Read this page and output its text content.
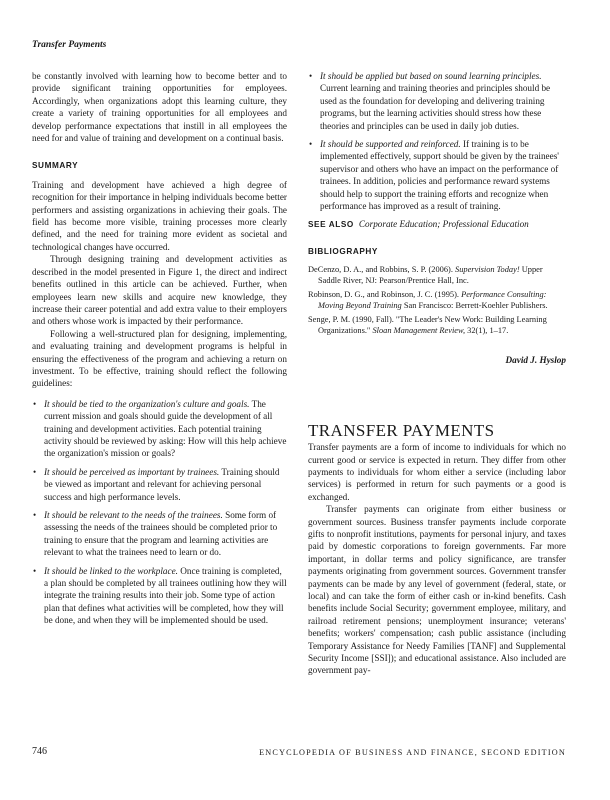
Transfer Payments

be constantly involved with learning how to become better and to provide significant training opportunities for employees. Accordingly, when organizations adopt this learning culture, they create a variety of training opportunities for all employees and develop performance expectations that instill in all employees the need for and value of training and development on a continual basis.

SUMMARY

Training and development have achieved a high degree of recognition for their importance in helping individuals become better performers and assisting organizations in achieving their goals. The field has become more visible, training processes more clearly defined, and the need for training more evident as societal and technological changes have occurred.

Through designing training and development activities as described in the model presented in Figure 1, the direct and indirect benefits outlined in this article can be achieved. Further, when employees learn new skills and acquire new knowledge, they increase their career potential and add extra value to their employers and others whose work is impacted by their performance.

Following a well-structured plan for designing, implementing, and evaluating training and development programs is helpful in ensuring the effectiveness of the program and achieving a return on investment. To be effective, training should reflect the following guidelines:

• It should be tied to the organization's culture and goals. The current mission and goals should guide the development of all training and development activities. Each potential training activity should be reviewed by asking: How will this help achieve the organization's mission or goals?
• It should be perceived as important by trainees. Training should be viewed as important and relevant for achieving personal success and high performance levels.
• It should be relevant to the needs of the trainees. Some form of assessing the needs of the trainees should be completed prior to training to ensure that the program and learning activities are relevant to what the trainees need to learn or do.
• It should be linked to the workplace. Once training is completed, a plan should be completed by all trainees outlining how they will integrate the training results into their job. Some type of action plan that defines what activities will be completed, how they will be done, and when they will be implemented should be used.
• It should be applied but based on sound learning principles. Current learning and training theories and principles should be used as the foundation for developing and delivering training programs, but the learning activities should stress how these theories and principles can be used in daily job duties.
• It should be supported and reinforced. If training is to be implemented effectively, support should be given by the trainees' supervisor and others who have an impact on the performance of trainees. In addition, policies and performance reward systems should help to support the training efforts and recognize when performance has improved as a result of training.
SEE ALSO Corporate Education; Professional Education
BIBLIOGRAPHY
DeCenzo, D. A., and Robbins, S. P. (2006). Supervision Today! Upper Saddle River, NJ: Pearson/Prentice Hall, Inc.
Robinson, D. G., and Robinson, J. C. (1995). Performance Consulting: Moving Beyond Training San Francisco: Berrett-Koehler Publishers.
Senge, P. M. (1990, Fall). "The Leader's New Work: Building Learning Organizations." Sloan Management Review, 32(1), 1–17.
David J. Hyslop
TRANSFER PAYMENTS

Transfer payments are a form of income to individuals for which no current good or service is expected in return. They differ from other payments to individuals for whom either a service (including labor services) is performed in return for such payments or a good is exchanged.

Transfer payments can originate from either business or government sources. Business transfer payments include corporate gifts to nonprofit institutions, payments for personal injury, and taxes paid by domestic corporations to foreign governments. Far more important, in dollar terms and policy significance, are transfer payments originating from government sources. Government transfer payments can be made by any level of government (federal, state, or local) and can take the form of either cash or in-kind benefits. Cash benefits include Social Security; government employee, military, and railroad retirement pensions; unemployment insurance; veterans' benefits; workers' compensation; cash public assistance (including Temporary Assistance for Needy Families [TANF] and Supplemental Security Income [SSI]); and educational assistance. Also included are government pay-

746	ENCYCLOPEDIA OF BUSINESS AND FINANCE, SECOND EDITION
